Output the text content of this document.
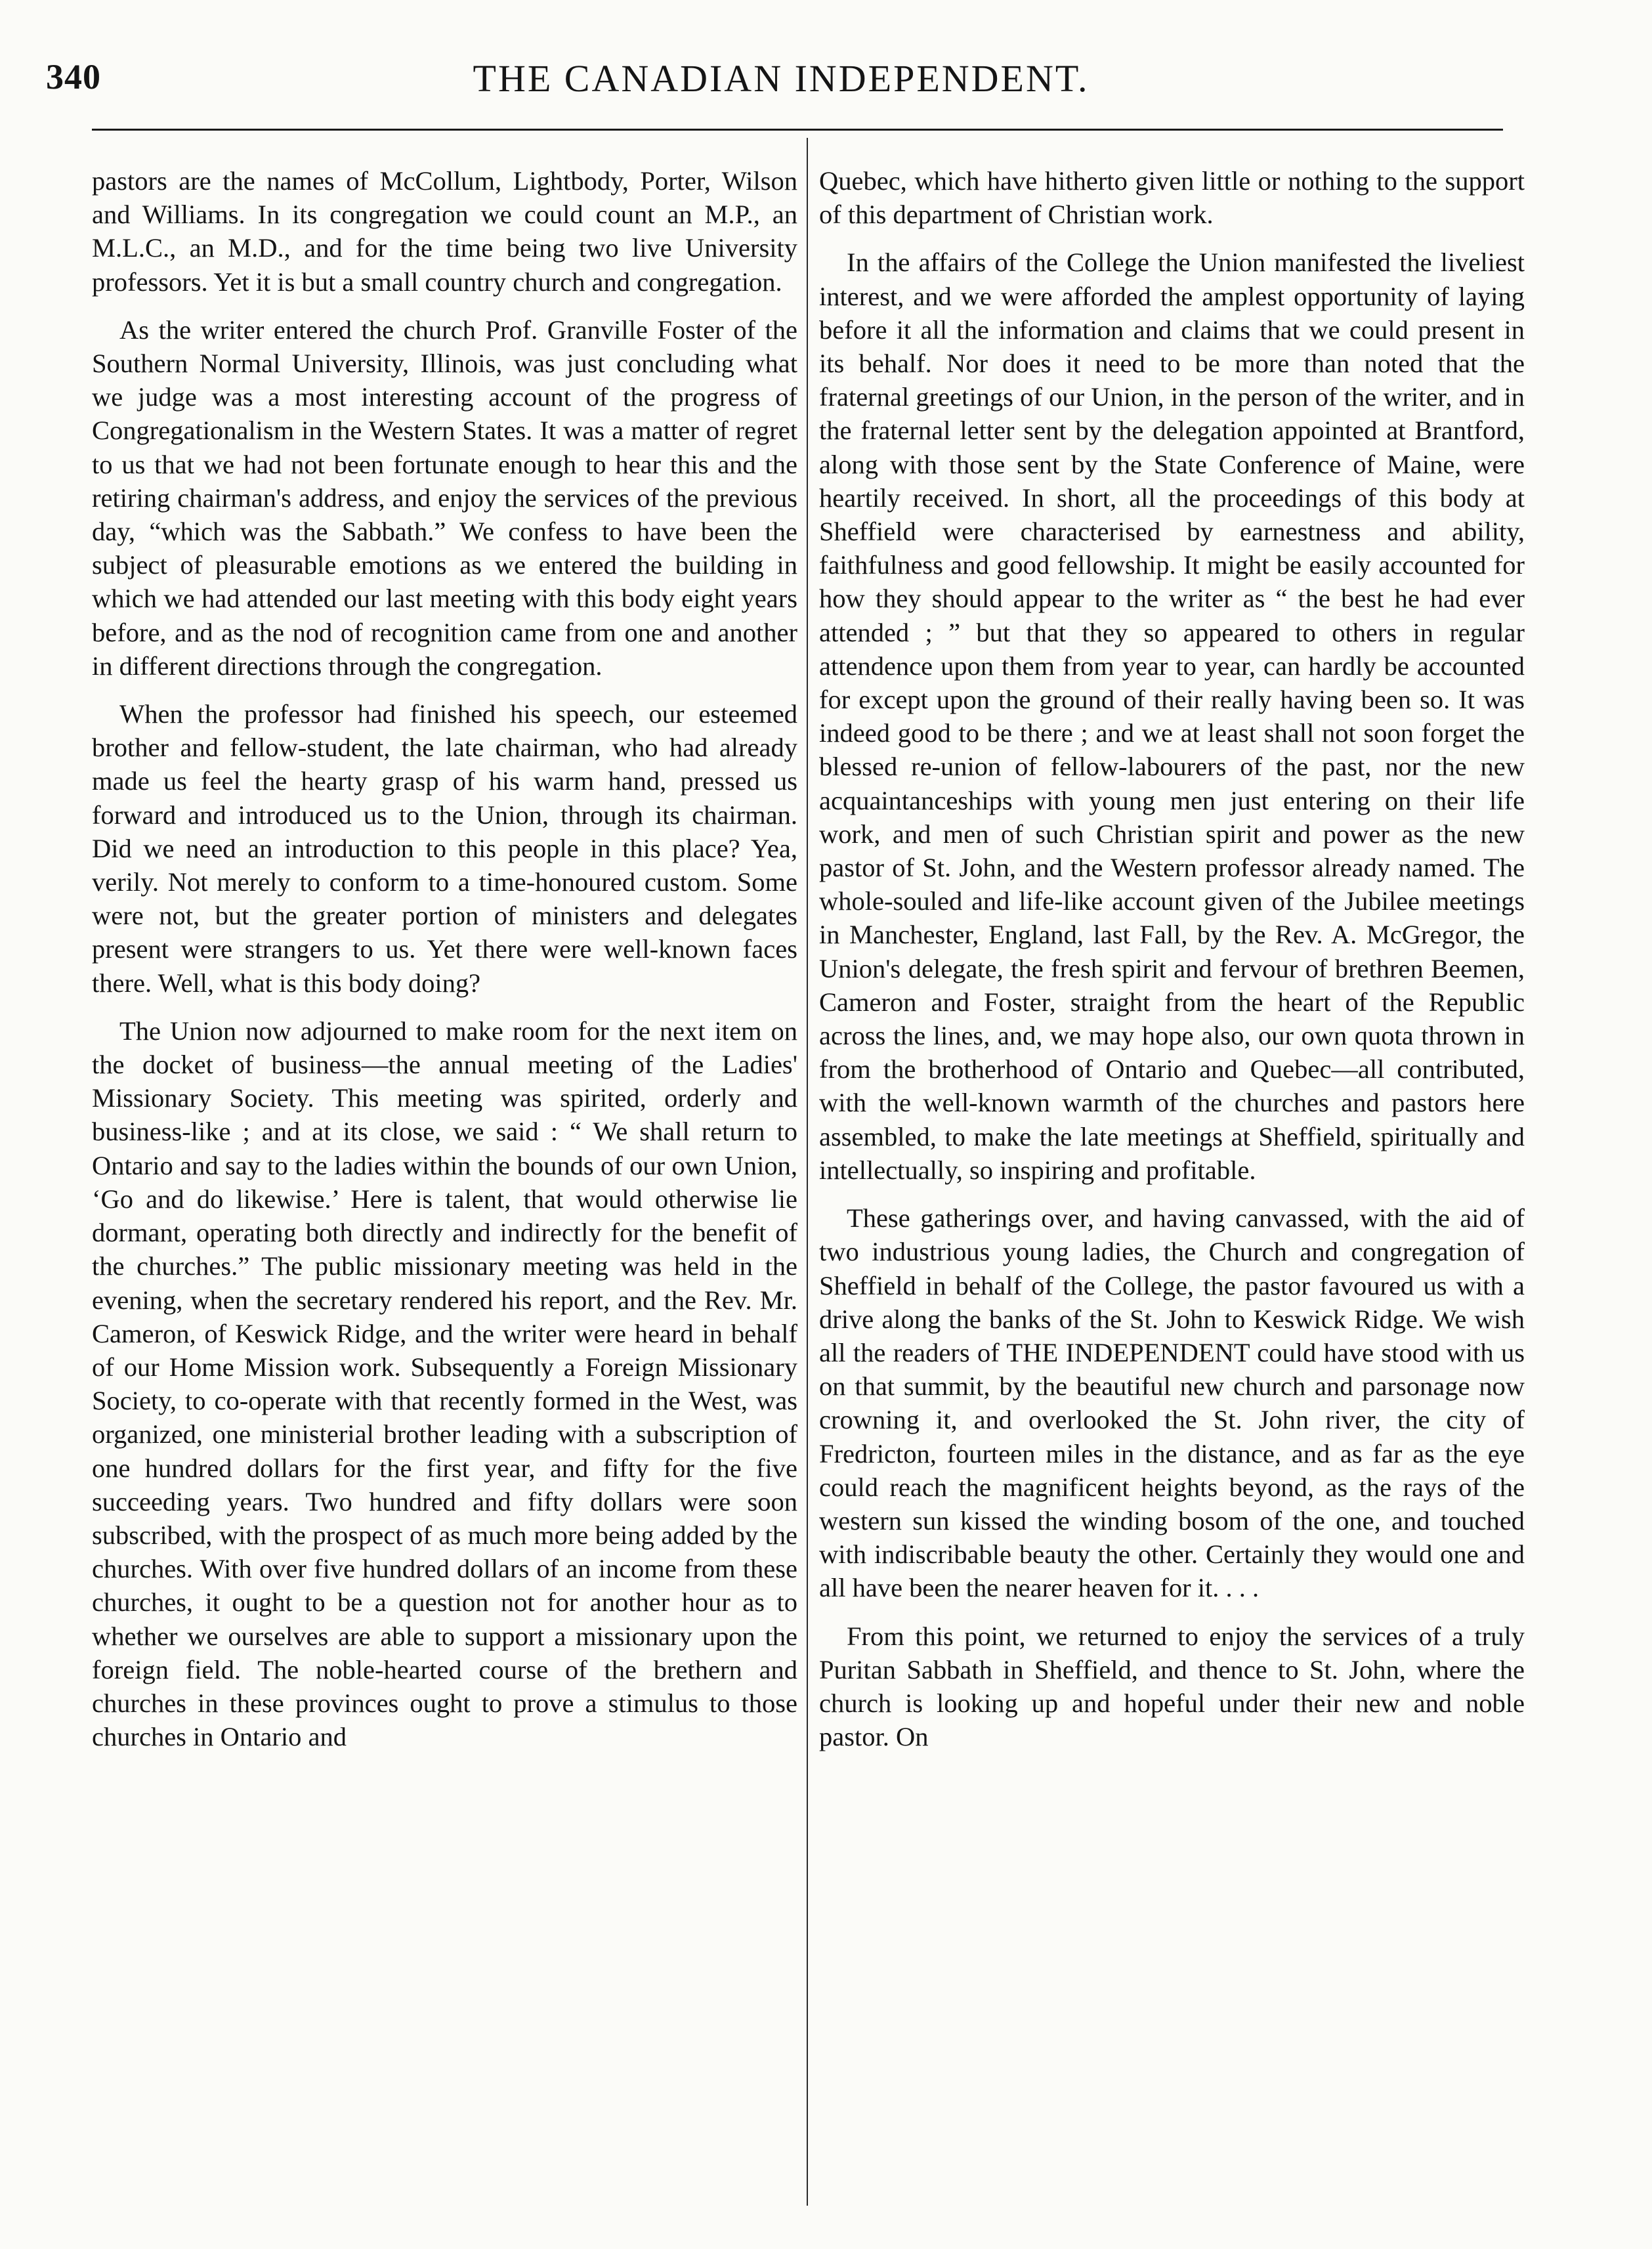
340	THE CANADIAN INDEPENDENT.

pastors are the names of McCollum, Lightbody, Porter, Wilson and Williams. In its congregation we could count an M.P., an M.L.C., an M.D., and for the time being two live University professors. Yet it is but a small country church and congregation.

As the writer entered the church Prof. Granville Foster of the Southern Normal University, Illinois, was just concluding what we judge was a most interesting account of the progress of Congregationalism in the Western States. It was a matter of regret to us that we had not been fortunate enough to hear this and the retiring chairman's address, and enjoy the services of the previous day, “which was the Sabbath.” We confess to have been the subject of pleasurable emotions as we entered the building in which we had attended our last meeting with this body eight years before, and as the nod of recognition came from one and another in different directions through the congregation.

When the professor had finished his speech, our esteemed brother and fellow-student, the late chairman, who had already made us feel the hearty grasp of his warm hand, pressed us forward and introduced us to the Union, through its chairman. Did we need an introduction to this people in this place? Yea, verily. Not merely to conform to a time-honoured custom. Some were not, but the greater portion of ministers and delegates present were strangers to us. Yet there were well-known faces there. Well, what is this body doing?

The Union now adjourned to make room for the next item on the docket of business—the annual meeting of the Ladies' Missionary Society. This meeting was spirited, orderly and business-like ; and at its close, we said : “ We shall return to Ontario and say to the ladies within the bounds of our own Union, ‘Go and do likewise.’ Here is talent, that would otherwise lie dormant, operating both directly and indirectly for the benefit of the churches.” The public missionary meeting was held in the evening, when the secretary rendered his report, and the Rev. Mr. Cameron, of Keswick Ridge, and the writer were heard in behalf of our Home Mission work. Subsequently a Foreign Missionary Society, to co-operate with that recently formed in the West, was organized, one ministerial brother leading with a subscription of one hundred dollars for the first year, and fifty for the five succeeding years. Two hundred and fifty dollars were soon subscribed, with the prospect of as much more being added by the churches. With over five hundred dollars of an income from these churches, it ought to be a question not for another hour as to whether we ourselves are able to support a missionary upon the foreign field. The noble-hearted course of the brethern and churches in these provinces ought to prove a stimulus to those churches in Ontario and

Quebec, which have hitherto given little or nothing to the support of this department of Christian work.

In the affairs of the College the Union manifested the liveliest interest, and we were afforded the amplest opportunity of laying before it all the information and claims that we could present in its behalf. Nor does it need to be more than noted that the fraternal greetings of our Union, in the person of the writer, and in the fraternal letter sent by the delegation appointed at Brantford, along with those sent by the State Conference of Maine, were heartily received. In short, all the proceedings of this body at Sheffield were characterised by earnestness and ability, faithfulness and good fellowship. It might be easily accounted for how they should appear to the writer as “ the best he had ever attended ; ” but that they so appeared to others in regular attendence upon them from year to year, can hardly be accounted for except upon the ground of their really having been so. It was indeed good to be there ; and we at least shall not soon forget the blessed re-union of fellow-labourers of the past, nor the new acquaintanceships with young men just entering on their life work, and men of such Christian spirit and power as the new pastor of St. John, and the Western professor already named. The whole-souled and life-like account given of the Jubilee meetings in Manchester, England, last Fall, by the Rev. A. McGregor, the Union's delegate, the fresh spirit and fervour of brethren Beemen, Cameron and Foster, straight from the heart of the Republic across the lines, and, we may hope also, our own quota thrown in from the brotherhood of Ontario and Quebec—all contributed, with the well-known warmth of the churches and pastors here assembled, to make the late meetings at Sheffield, spiritually and intellectually, so inspiring and profitable.

These gatherings over, and having canvassed, with the aid of two industrious young ladies, the Church and congregation of Sheffield in behalf of the College, the pastor favoured us with a drive along the banks of the St. John to Keswick Ridge. We wish all the readers of THE INDEPENDENT could have stood with us on that summit, by the beautiful new church and parsonage now crowning it, and overlooked the St. John river, the city of Fredricton, fourteen miles in the distance, and as far as the eye could reach the magnificent heights beyond, as the rays of the western sun kissed the winding bosom of the one, and touched with indiscribable beauty the other. Certainly they would one and all have been the nearer heaven for it. . . .

From this point, we returned to enjoy the services of a truly Puritan Sabbath in Sheffield, and thence to St. John, where the church is looking up and hopeful under their new and noble pastor. On
